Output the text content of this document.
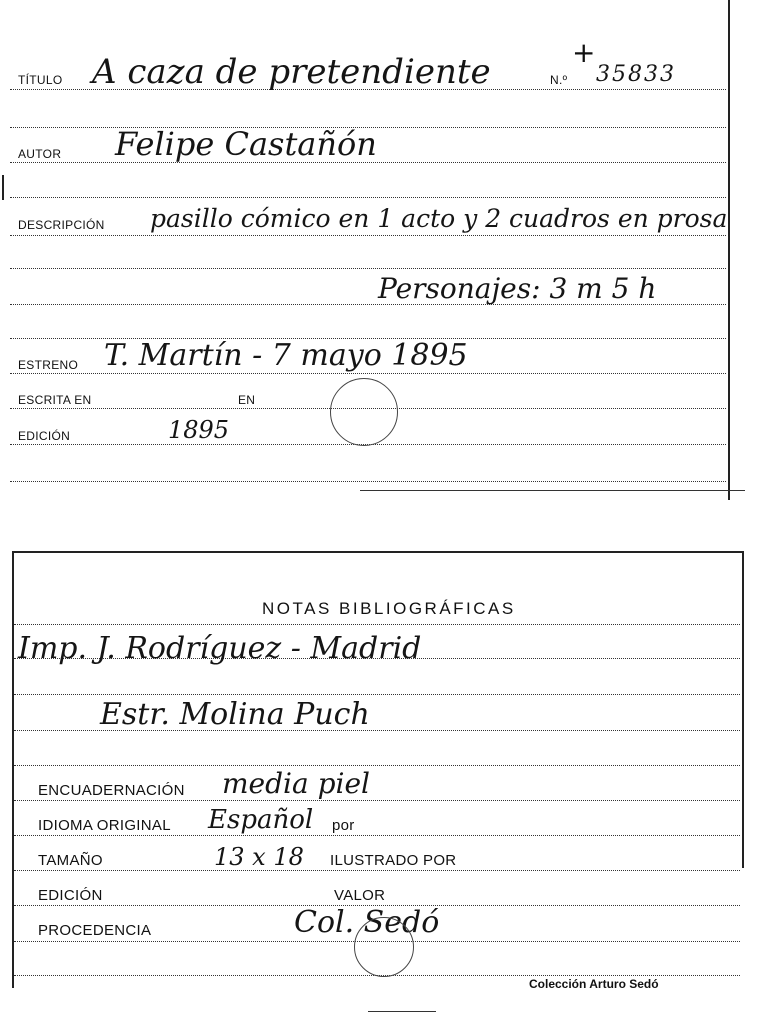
TÍTULO A caza de pretendiente	N.º 35833
+
AUTOR Felipe Castañón
DESCRIPCIÓN pasillo cómico en 1 acto y 2 cuadros en prosa
Personajes: 3 m 5 h
ESTRENO T. Martín - 7 mayo 1895
ESCRITA EN	EN
EDICIÓN	1895
NOTAS BIBLIOGRÁFICAS
Imp. J. Rodríguez - Madrid
Estr. Molina Puch
ENCUADERNACIÓN media piel
IDIOMA ORIGINAL Español por
TAMAÑO	13 x 18 ILUSTRADO POR
EDICIÓN	VALOR
PROCEDENCIA	Col. Sedó
Colección Arturo Sedó
